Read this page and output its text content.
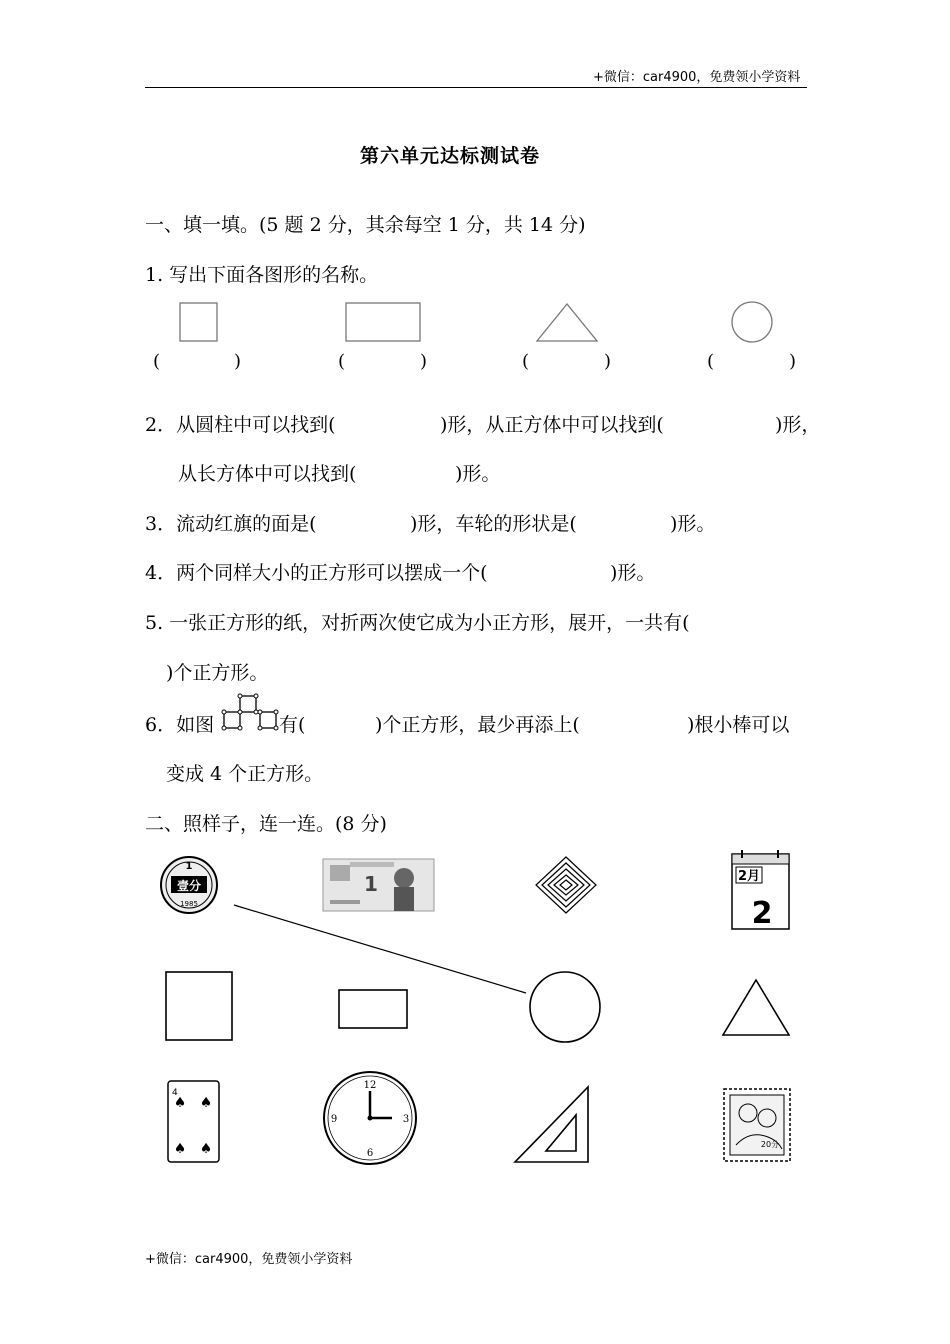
+微信：car4900，免费领小学资料
第六单元达标测试卷
一、填一填。(5 题 2 分，其余每空 1 分，共 14 分)
1. 写出下面各图形的名称。
(	)	(	)	(	)	(	)
2．从圆柱中可以找到(	)形，从正方体中可以找到(	)形，
从长方体中可以找到(	)形。
3．流动红旗的面是(	)形，车轮的形状是(	)形。
4．两个同样大小的正方形可以摆成一个(	)形。
5. 一张正方形的纸，对折两次使它成为小正方形，展开，一共有(
)个正方形。
6．如图	有(	)个正方形，最少再添上(	)根小棒可以
变成 4 个正方形。
二、照样子，连一连。(8 分)
1
壹分
1985
1	2月
2
4
♠ ♠
♠ ♠
12
3
6
9
20分
+微信：car4900，免费领小学资料
